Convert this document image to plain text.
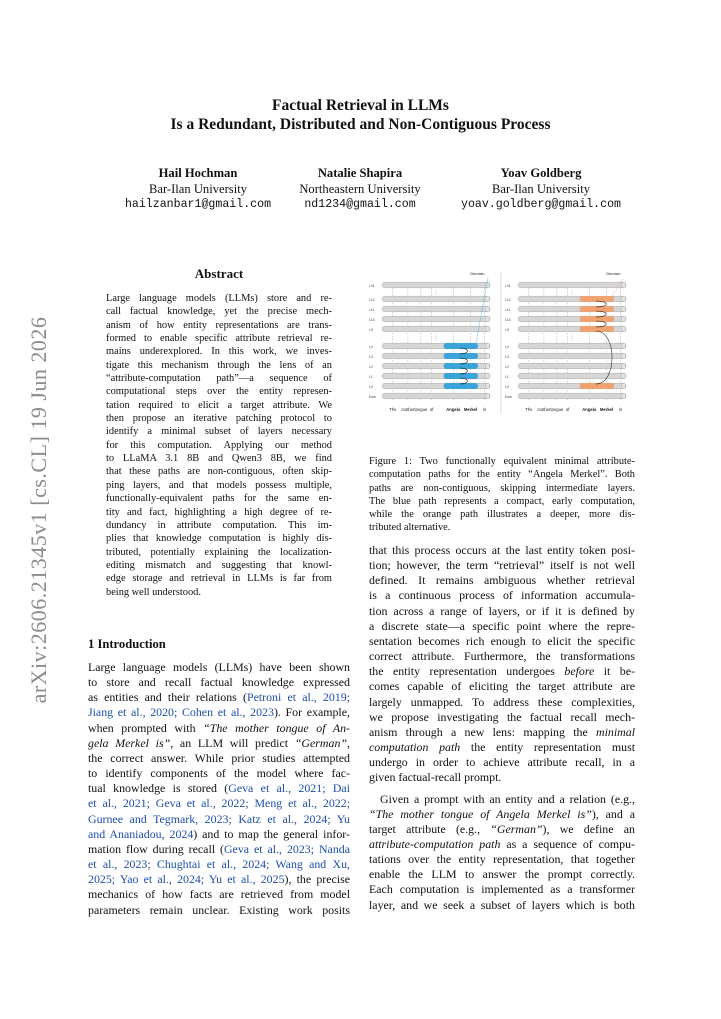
arXiv:2606.21345v1 [cs.CL] 19 Jun 2026
Factual Retrieval in LLMs
Is a Redundant, Distributed and Non-Contiguous Process
Hail Hochman
Bar-Ilan University
hailzanbar1@gmail.com
Natalie Shapira
Northeastern University
nd1234@gmail.com
Yoav Goldberg
Bar-Ilan University
yoav.goldberg@gmail.com
Abstract
Large language models (LLMs) store and re-
call factual knowledge, yet the precise mech-
anism of how entity representations are trans-
formed to enable specific attribute retrieval re-
mains underexplored. In this work, we inves-
tigate this mechanism through the lens of an
“attribute-computation path”—a sequence of
computational steps over the entity represen-
tation required to elicit a target attribute. We
then propose an iterative patching protocol to
identify a minimal subset of layers necessary
for this computation. Applying our method
to LLaMA 3.1 8B and Qwen3 8B, we find
that these paths are non-contiguous, often skip-
ping layers, and that models possess multiple,
functionally-equivalent paths for the same en-
tity and fact, highlighting a high degree of re-
dundancy in attribute computation. This im-
plies that knowledge computation is highly dis-
tributed, potentially explaining the localization-
editing mismatch and suggesting that knowl-
edge storage and retrieval in LLMs is far from
being well understood.
1 Introduction
Large language models (LLMs) have been shown
to store and recall factual knowledge expressed
as entities and their relations (Petroni et al., 2019;
Jiang et al., 2020; Cohen et al., 2023). For example,
when prompted with “The mother tongue of An-
gela Merkel is”, an LLM will predict “German”,
the correct answer. While prior studies attempted
to identify components of the model where fac-
tual knowledge is stored (Geva et al., 2021; Dai
et al., 2021; Geva et al., 2022; Meng et al., 2022;
Gurnee and Tegmark, 2023; Katz et al., 2024; Yu
and Ananiadou, 2024) and to map the general infor-
mation flow during recall (Geva et al., 2023; Nanda
et al., 2023; Chughtai et al., 2024; Wang and Xu,
2025; Yao et al., 2024; Yu et al., 2025), the precise
mechanics of how facts are retrieved from model
parameters remain unclear. Existing work posits
L31
L12
L11
L10
L9
L4
L3
L2
L1
L0
Emb
German
The mother tongue of	Angela Merkel is
L31
L12
L11
L10
L9
L4
L3
L2
L1
L0
Emb
German
The mother tongue of	Angela Merkel is
Figure 1: Two functionally equivalent minimal attribute-
computation paths for the entity “Angela Merkel”. Both
paths are non-contiguous, skipping intermediate layers.
The blue path represents a compact, early computation,
while the orange path illustrates a deeper, more dis-
tributed alternative.
that this process occurs at the last entity token posi-
tion; however, the term “retrieval” itself is not well
defined. It remains ambiguous whether retrieval
is a continuous process of information accumula-
tion across a range of layers, or if it is defined by
a discrete state—a specific point where the repre-
sentation becomes rich enough to elicit the specific
correct attribute. Furthermore, the transformations
the entity representation undergoes before it be-
comes capable of eliciting the target attribute are
largely unmapped. To address these complexities,
we propose investigating the factual recall mech-
anism through a new lens: mapping the minimal
computation path the entity representation must
undergo in order to achieve attribute recall, in a
given factual-recall prompt.
Given a prompt with an entity and a relation (e.g.,
“The mother tongue of Angela Merkel is”), and a
target attribute (e.g., “German”), we define an
attribute-computation path as a sequence of compu-
tations over the entity representation, that together
enable the LLM to answer the prompt correctly.
Each computation is implemented as a transformer
layer, and we seek a subset of layers which is both
